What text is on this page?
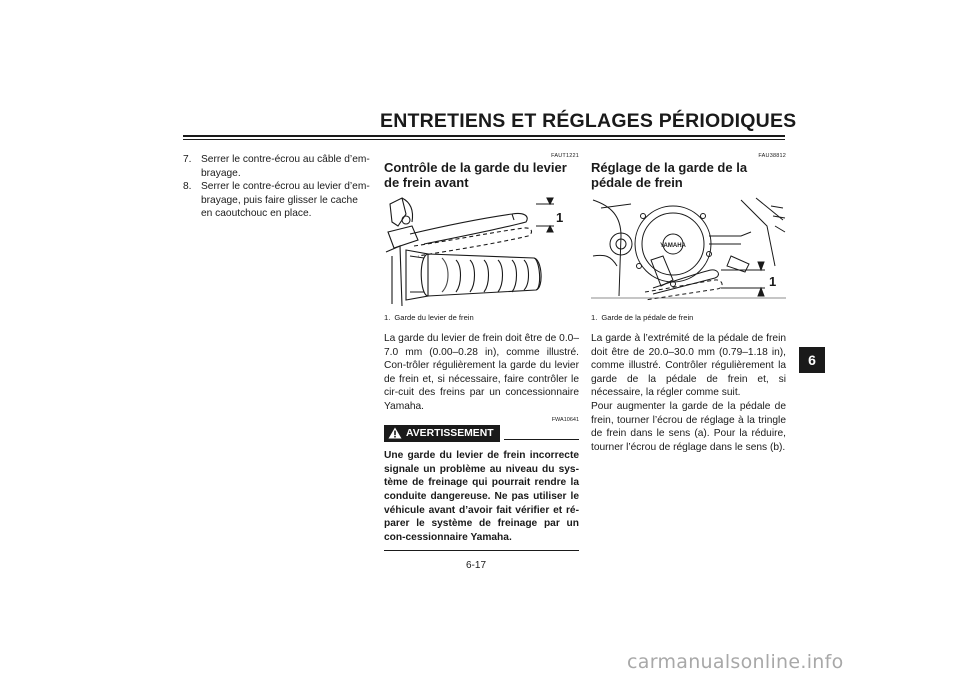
ENTRETIENS ET RÉGLAGES PÉRIODIQUES
7. Serrer le contre-écrou au câble d’em-brayage.
8. Serrer le contre-écrou au levier d’em-brayage, puis faire glisser le cache en caoutchouc en place.
FAUT1221
Contrôle de la garde du levier de frein avant
1
1. Garde du levier de frein
La garde du levier de frein doit être de 0.0–7.0 mm (0.00–0.28 in), comme illustré. Con-trôler régulièrement la garde du levier de frein et, si nécessaire, faire contrôler le cir-cuit des freins par un concessionnaire Yamaha.
FWA10641
AVERTISSEMENT
Une garde du levier de frein incorrecte signale un problème au niveau du sys-tème de freinage qui pourrait rendre la conduite dangereuse. Ne pas utiliser le véhicule avant d’avoir fait vérifier et ré-parer le système de freinage par un con-cessionnaire Yamaha.
FAU38812
Réglage de la garde de la pédale de frein
YAMAHA
1
1. Garde de la pédale de frein
La garde à l’extrémité de la pédale de frein doit être de 20.0–30.0 mm (0.79–1.18 in), comme illustré. Contrôler régulièrement la garde de la pédale de frein et, si nécessaire, la régler comme suit.
Pour augmenter la garde de la pédale de frein, tourner l’écrou de réglage à la tringle de frein dans le sens (a). Pour la réduire, tourner l’écrou de réglage dans le sens (b).
6-17
6
carmanualsonline.info
